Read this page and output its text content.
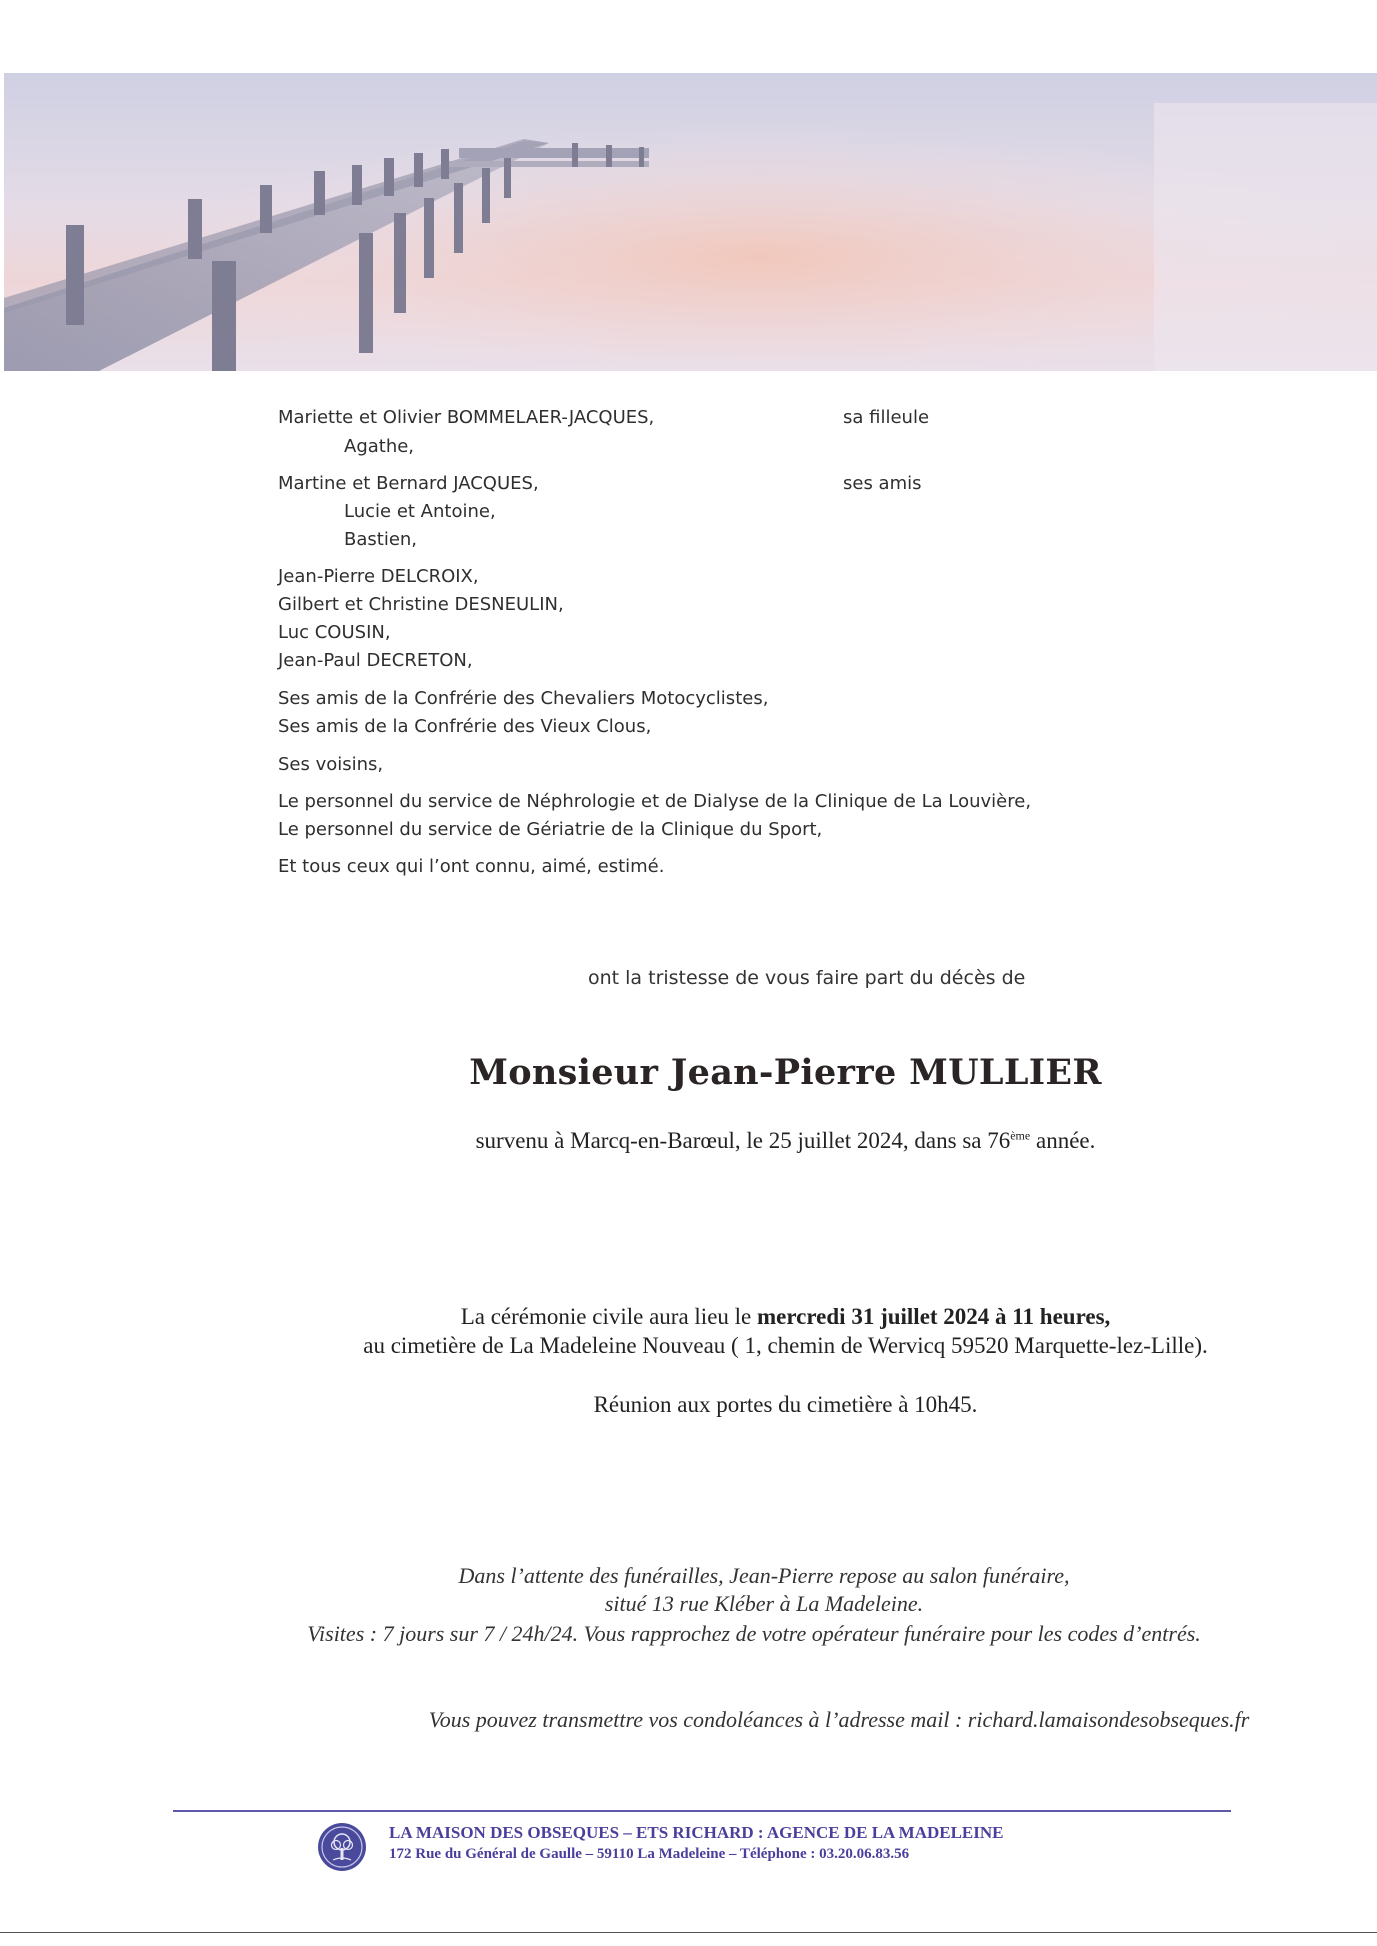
Mariette et Olivier BOMMELAER-JACQUES,	sa filleule
Agathe,
Martine et Bernard JACQUES,	ses amis
Lucie et Antoine,
Bastien,
Jean-Pierre DELCROIX,
Gilbert et Christine DESNEULIN,
Luc COUSIN,
Jean-Paul DECRETON,
Ses amis de la Confrérie des Chevaliers Motocyclistes,
Ses amis de la Confrérie des Vieux Clous,
Ses voisins,
Le personnel du service de Néphrologie et de Dialyse de la Clinique de La Louvière,
Le personnel du service de Gériatrie de la Clinique du Sport,
Et tous ceux qui l’ont connu, aimé, estimé.
ont la tristesse de vous faire part du décès de
Monsieur Jean-Pierre MULLIER
survenu à Marcq-en-Barœul, le 25 juillet 2024, dans sa 76ème année.
La cérémonie civile aura lieu le mercredi 31 juillet 2024 à 11 heures,
au cimetière de La Madeleine Nouveau ( 1, chemin de Wervicq 59520 Marquette-lez-Lille).
Réunion aux portes du cimetière à 10h45.
Dans l’attente des funérailles, Jean-Pierre repose au salon funéraire,
situé 13 rue Kléber à La Madeleine.
Visites : 7 jours sur 7 / 24h/24. Vous rapprochez de votre opérateur funéraire pour les codes d’entrés.
Vous pouvez transmettre vos condoléances à l’adresse mail : richard.lamaisondesobseques.fr
LA MAISON DES OBSEQUES – ETS RICHARD : AGENCE DE LA MADELEINE
172 Rue du Général de Gaulle – 59110 La Madeleine – Téléphone : 03.20.06.83.56
